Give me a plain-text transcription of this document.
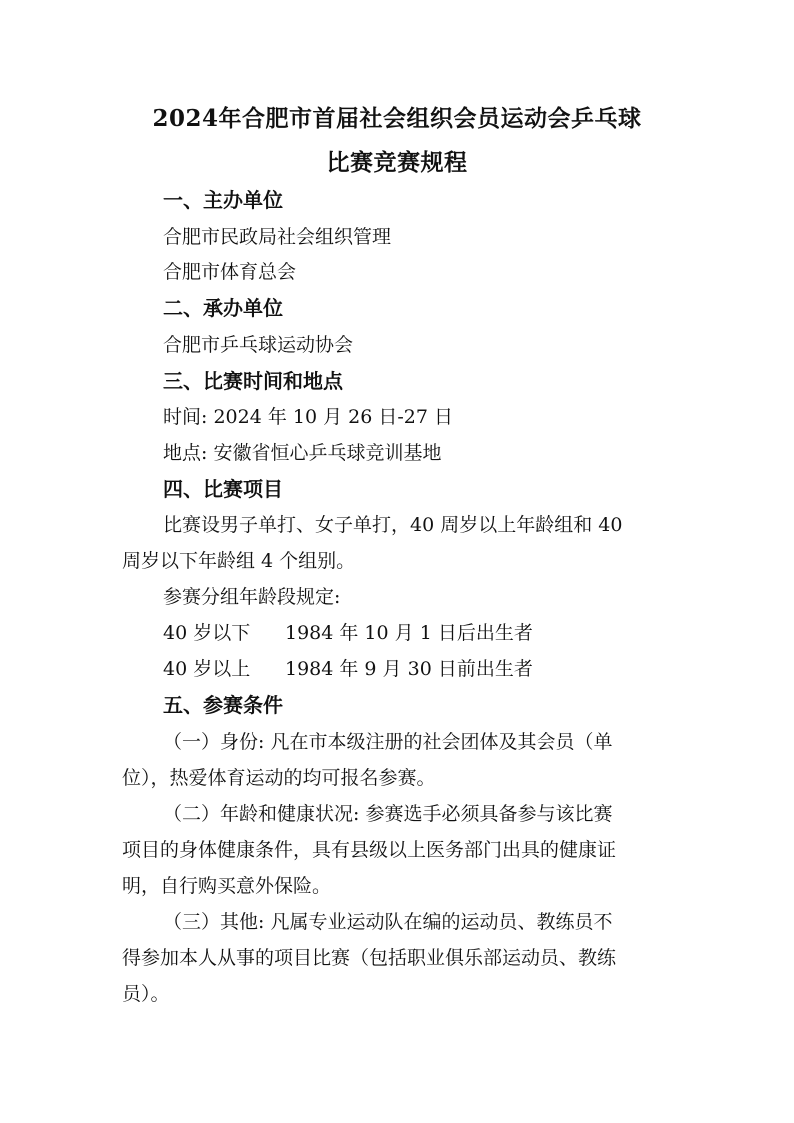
2024年合肥市首届社会组织会员运动会乒乓球
比赛竞赛规程
一、主办单位
合肥市民政局社会组织管理
合肥市体育总会
二、承办单位
合肥市乒乓球运动协会
三、比赛时间和地点
时间: 2024 年 10 月 26 日-27 日
地点: 安徽省恒心乒乓球竞训基地
四、比赛项目
比赛设男子单打、女子单打，40 周岁以上年龄组和 40
周岁以下年龄组 4 个组别。
参赛分组年龄段规定:
40 岁以下 1984 年 10 月 1 日后出生者
40 岁以上 1984 年 9 月 30 日前出生者
五、参赛条件
（一）身份: 凡在市本级注册的社会团体及其会员（单
位），热爱体育运动的均可报名参赛。
（二）年龄和健康状况: 参赛选手必须具备参与该比赛
项目的身体健康条件，具有县级以上医务部门出具的健康证
明，自行购买意外保险。
（三）其他: 凡属专业运动队在编的运动员、教练员不
得参加本人从事的项目比赛（包括职业俱乐部运动员、教练
员）。
